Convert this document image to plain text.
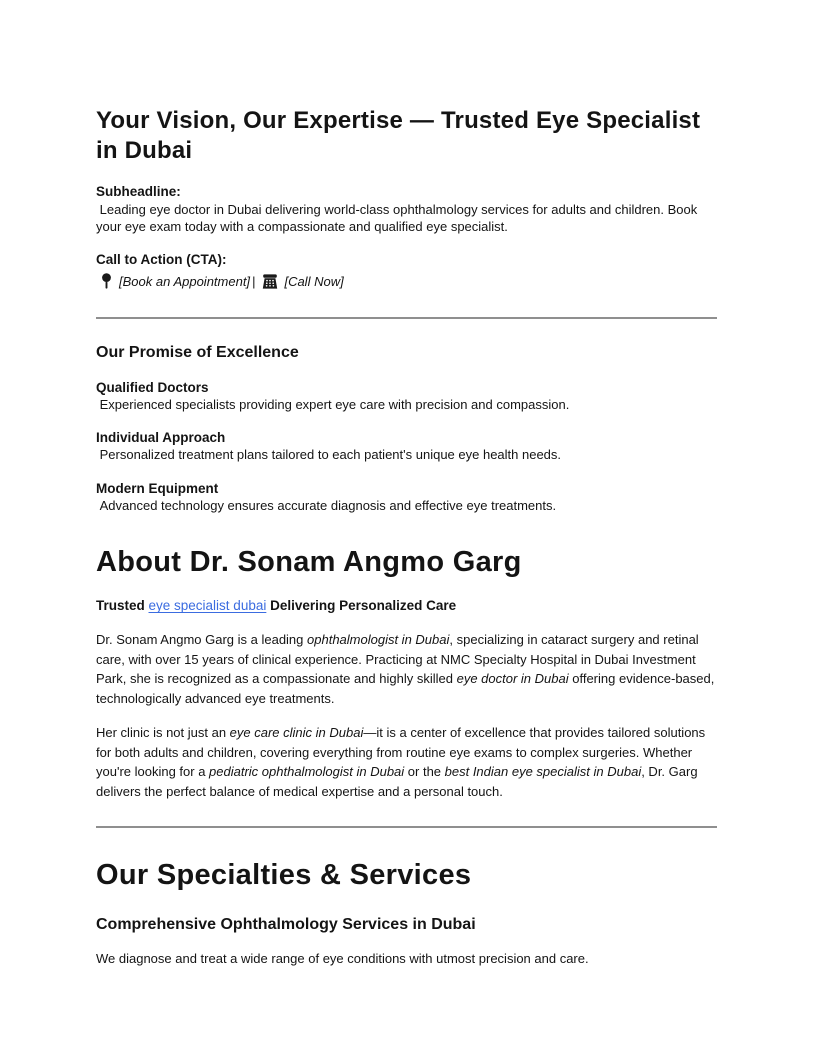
Your Vision, Our Expertise — Trusted Eye Specialist in Dubai

Subheadline:

Leading eye doctor in Dubai delivering world-class ophthalmology services for adults and children. Book your eye exam today with a compassionate and qualified eye specialist.

Call to Action (CTA):

[Book an Appointment] | [Call Now]

Our Promise of Excellence

Qualified Doctors

Experienced specialists providing expert eye care with precision and compassion.

Individual Approach

Personalized treatment plans tailored to each patient's unique eye health needs.

Modern Equipment

Advanced technology ensures accurate diagnosis and effective eye treatments.

About Dr. Sonam Angmo Garg

Trusted eye specialist dubai Delivering Personalized Care

Dr. Sonam Angmo Garg is a leading ophthalmologist in Dubai, specializing in cataract surgery and retinal care, with over 15 years of clinical experience. Practicing at NMC Specialty Hospital in Dubai Investment Park, she is recognized as a compassionate and highly skilled eye doctor in Dubai offering evidence-based, technologically advanced eye treatments.

Her clinic is not just an eye care clinic in Dubai—it is a center of excellence that provides tailored solutions for both adults and children, covering everything from routine eye exams to complex surgeries. Whether you're looking for a pediatric ophthalmologist in Dubai or the best Indian eye specialist in Dubai, Dr. Garg delivers the perfect balance of medical expertise and a personal touch.

Our Specialties & Services
Comprehensive Ophthalmology Services in Dubai

We diagnose and treat a wide range of eye conditions with utmost precision and care.
